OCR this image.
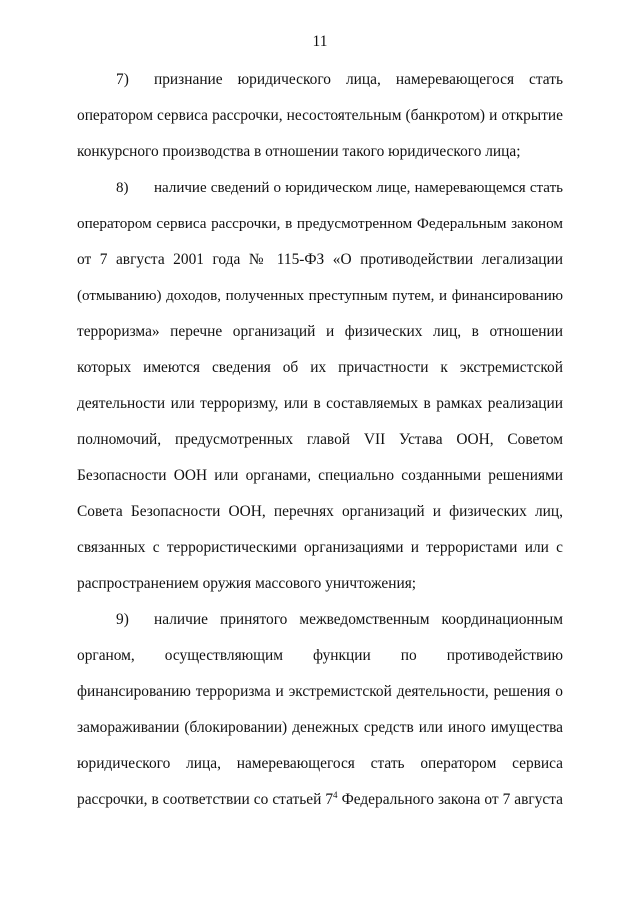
11
7) признание юридического лица, намеревающегося стать
оператором сервиса рассрочки, несостоятельным (банкротом) и открытие
конкурсного производства в отношении такого юридического лица;
8) наличие сведений о юридическом лице, намеревающемся стать
оператором сервиса рассрочки, в предусмотренном Федеральным законом
от 7 августа 2001 года № 115-ФЗ «О противодействии легализации
(отмыванию) доходов, полученных преступным путем, и финансированию
терроризма» перечне организаций и физических лиц, в отношении
которых имеются сведения об их причастности к экстремистской
деятельности или терроризму, или в составляемых в рамках реализации
полномочий, предусмотренных главой VII Устава ООН, Советом
Безопасности ООН или органами, специально созданными решениями
Совета Безопасности ООН, перечнях организаций и физических лиц,
связанных с террористическими организациями и террористами или с
распространением оружия массового уничтожения;
9) наличие принятого межведомственным координационным
органом, осуществляющим функции по противодействию
финансированию терроризма и экстремистской деятельности, решения о
замораживании (блокировании) денежных средств или иного имущества
юридического лица, намеревающегося стать оператором сервиса
рассрочки, в соответствии со статьей $7^4$ Федерального закона от 7 августа
